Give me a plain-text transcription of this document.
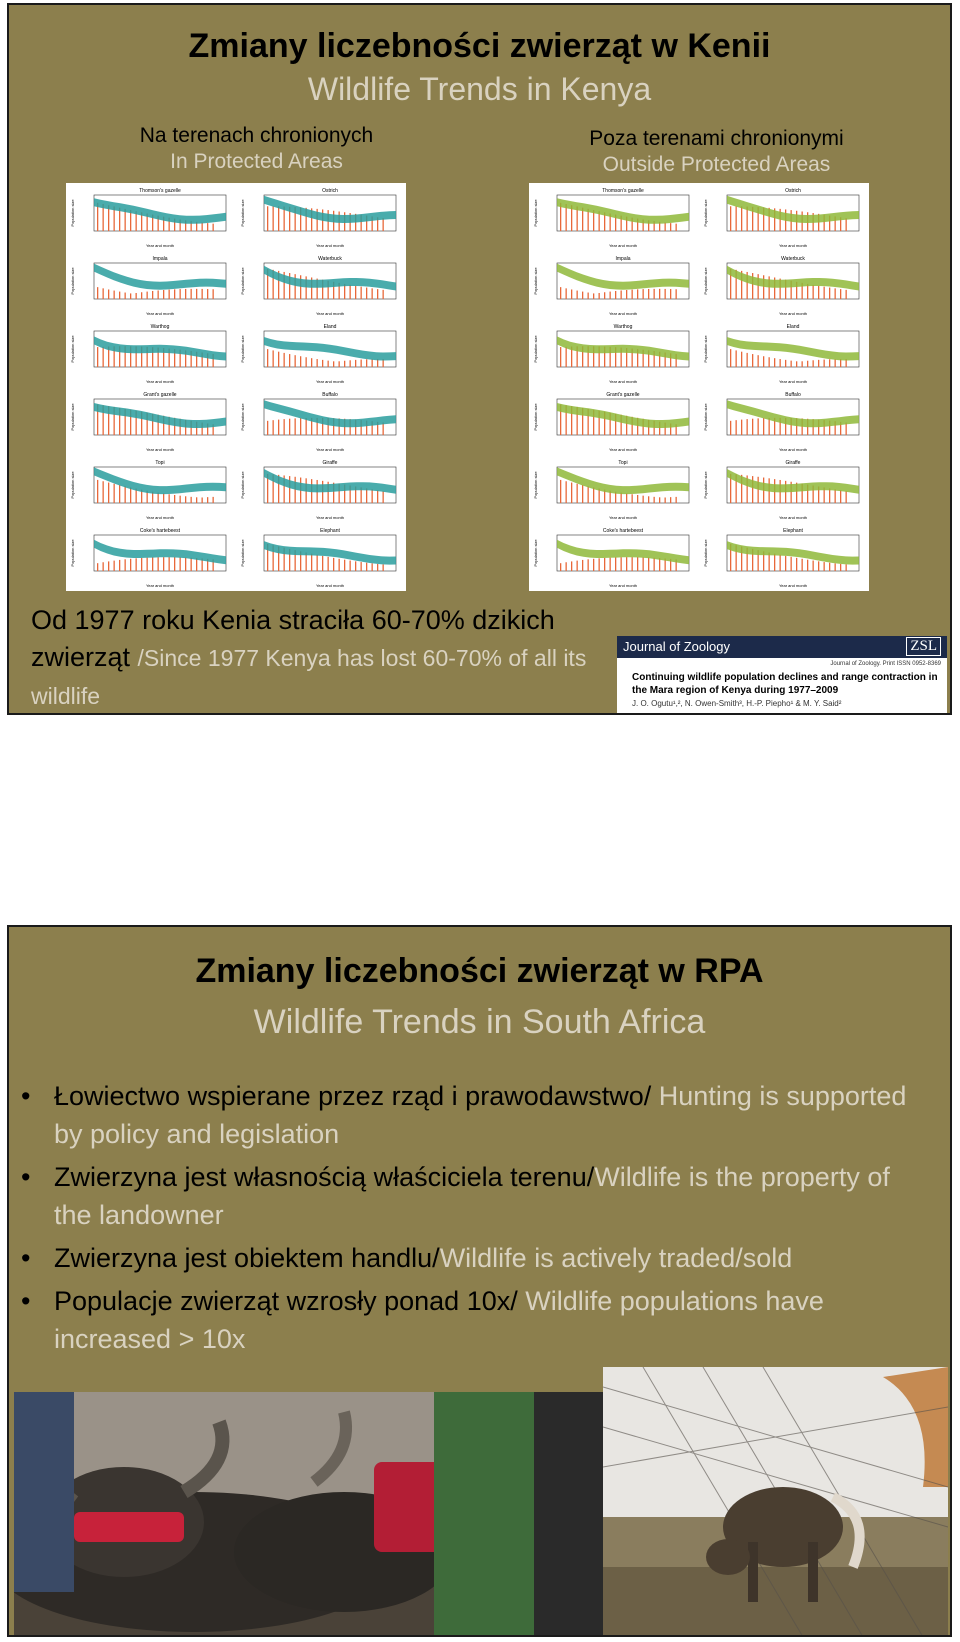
Zmiany liczebności zwierząt w Kenii
Wildlife Trends in Kenya
Na terenach chronionych
In Protected Areas
Poza terenami chronionymi
Outside Protected Areas
Thomson's gazelle
Year and month
Population size
Ostrich
Year and month
Population size
Impala
Year and month
Population size
Waterbuck
Year and month
Population size
Warthog
Year and month
Population size
Eland
Year and month
Population size
Grant's gazelle
Year and month
Population size
Buffalo
Year and month
Population size
Topi
Year and month
Population size
Giraffe
Year and month
Population size
Coke's hartebeest
Year and month
Population size
Elephant
Year and month
Population size
Thomson's gazelle
Year and month
Population size
Ostrich
Year and month
Population size
Impala
Year and month
Population size
Waterbuck
Year and month
Population size
Warthog
Year and month
Population size
Eland
Year and month
Population size
Grant's gazelle
Year and month
Population size
Buffalo
Year and month
Population size
Topi
Year and month
Population size
Giraffe
Year and month
Population size
Coke's hartebeest
Year and month
Population size
Elephant
Year and month
Population size
Od 1977 roku Kenia straciła 60-70% dzikich zwierząt /Since 1977 Kenya has lost 60-70% of all its wildlife
Journal of Zoology	ZSL
Journal of Zoology. Print ISSN 0952-8369
Continuing wildlife population declines and range contraction in the Mara region of Kenya during 1977–2009
J. O. Ogutu¹,², N. Owen-Smith³, H.-P. Piepho¹ & M. Y. Said²
Zmiany liczebności zwierząt w RPA
Wildlife Trends in South Africa
• Łowiectwo wspierane przez rząd i prawodawstwo/ Hunting is supported by policy and legislation
• Zwierzyna jest własnością właściciela terenu/Wildlife is the property of the landowner
• Zwierzyna jest obiektem handlu/Wildlife is actively traded/sold
• Populacje zwierząt wzrosły ponad 10x/ Wildlife populations have increased > 10x
